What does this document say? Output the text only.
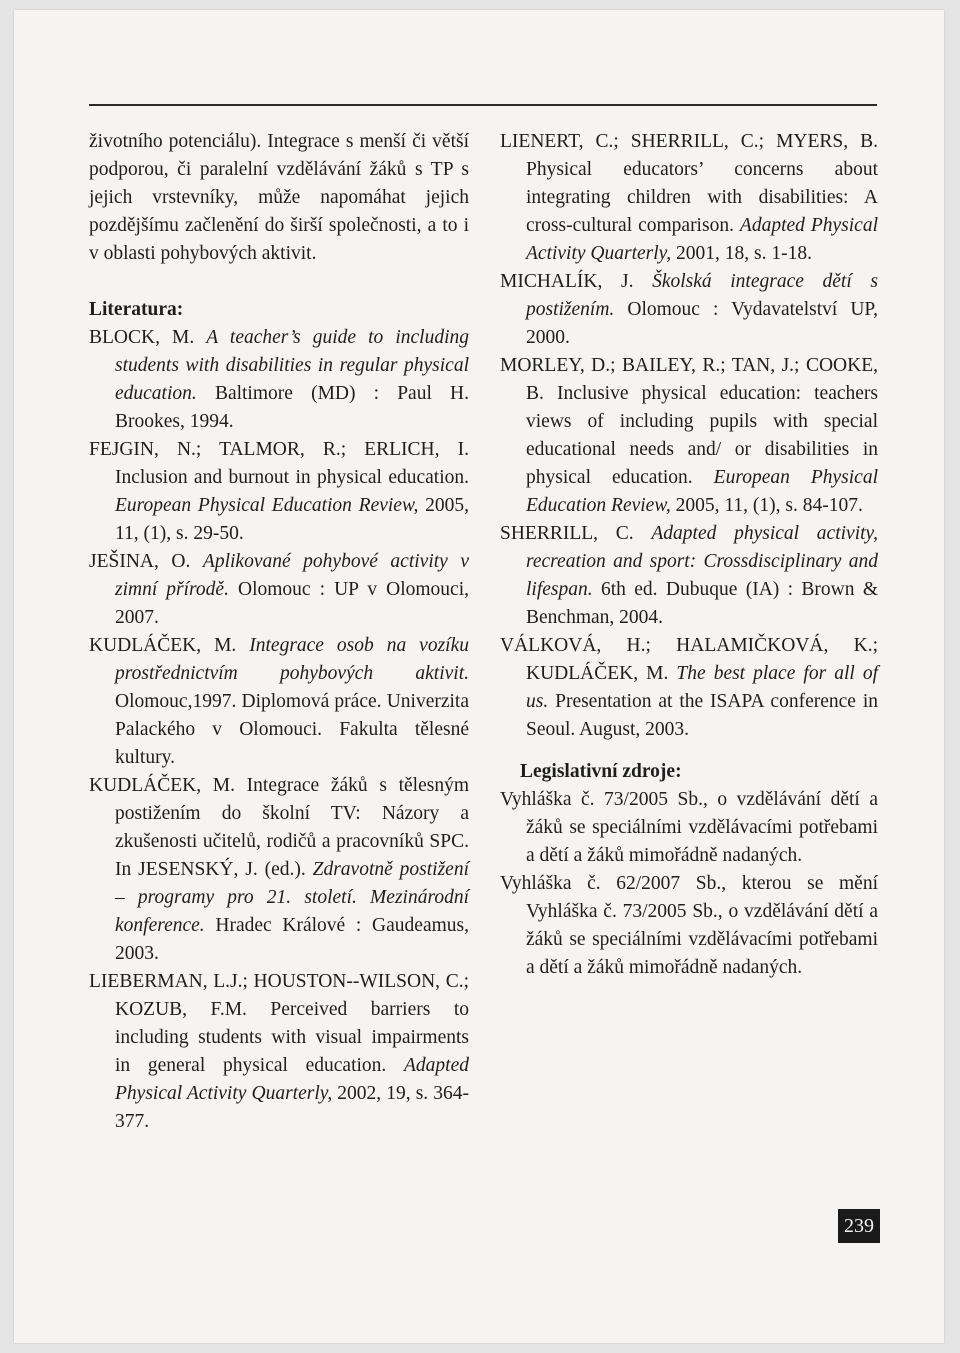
životního potenciálu). Integrace s menší či větší podporou, či paralelní vzdělávání žáků s TP s jejich vrstevníky, může napomáhat jejich pozdějšímu začlenění do širší společnosti, a to i v oblasti pohybových aktivit.

Literatura:

BLOCK, M. A teacher’s guide to including students with disabilities in regular physical education. Baltimore (MD) : Paul H. Brookes, 1994.

FEJGIN, N.; TALMOR, R.; ERLICH, I. Inclusion and burnout in physical education. European Physical Education Review, 2005, 11, (1), s. 29-50.

JEŠINA, O. Aplikované pohybové activity v zimní přírodě. Olomouc : UP v Olomouci, 2007.

KUDLÁČEK, M. Integrace osob na vozíku prostřednictvím pohybových aktivit. Olomouc,1997. Diplomová práce. Univerzita Palackého v Olomouci. Fakulta tělesné kultury.

KUDLÁČEK, M. Integrace žáků s tělesným postižením do školní TV: Názory a zkušenosti učitelů, rodičů a pracovníků SPC. In JESENSKÝ, J. (ed.). Zdravotně postižení – programy pro 21. století. Mezinárodní konference. Hradec Králové : Gaudeamus, 2003.

LIEBERMAN, L.J.; HOUSTON-‑WILSON, C.; KOZUB, F.M. Perceived barriers to including students with visual impairments in general physical education. Adapted Physical Activity Quarterly, 2002, 19, s. 364-377.

LIENERT, C.; SHERRILL, C.; MYERS, B. Physical educators’ concerns about integrating children with disabilities: A cross-cultural comparison. Adapted Physical Activity Quarterly, 2001, 18, s. 1-18.

MICHALÍK, J. Školská integrace dětí s postižením. Olomouc : Vydavatelství UP, 2000.

MORLEY, D.; BAILEY, R.; TAN, J.; COOKE, B. Inclusive physical education: teachers views of including pupils with special educational needs and/ or disabilities in physical education. European Physical Education Review, 2005, 11, (1), s. 84-107.

SHERRILL, C. Adapted physical activity, recreation and sport: Crossdisciplinary and lifespan. 6th ed. Dubuque (IA) : Brown & Benchman, 2004.

VÁLKOVÁ, H.; HALAMIČKOVÁ, K.; KUDLÁČEK, M. The best place for all of us. Presentation at the ISAPA conference in Seoul. August, 2003.

Legislativní zdroje:

Vyhláška č. 73/2005 Sb., o vzdělávání dětí a žáků se speciálními vzdělávacími potřebami a dětí a žáků mimořádně nadaných.

Vyhláška č. 62/2007 Sb., kterou se mění Vyhláška č. 73/2005 Sb., o vzdělávání dětí a žáků se speciálními vzdělávacími potřebami a dětí a žáků mimořádně nadaných.

239
